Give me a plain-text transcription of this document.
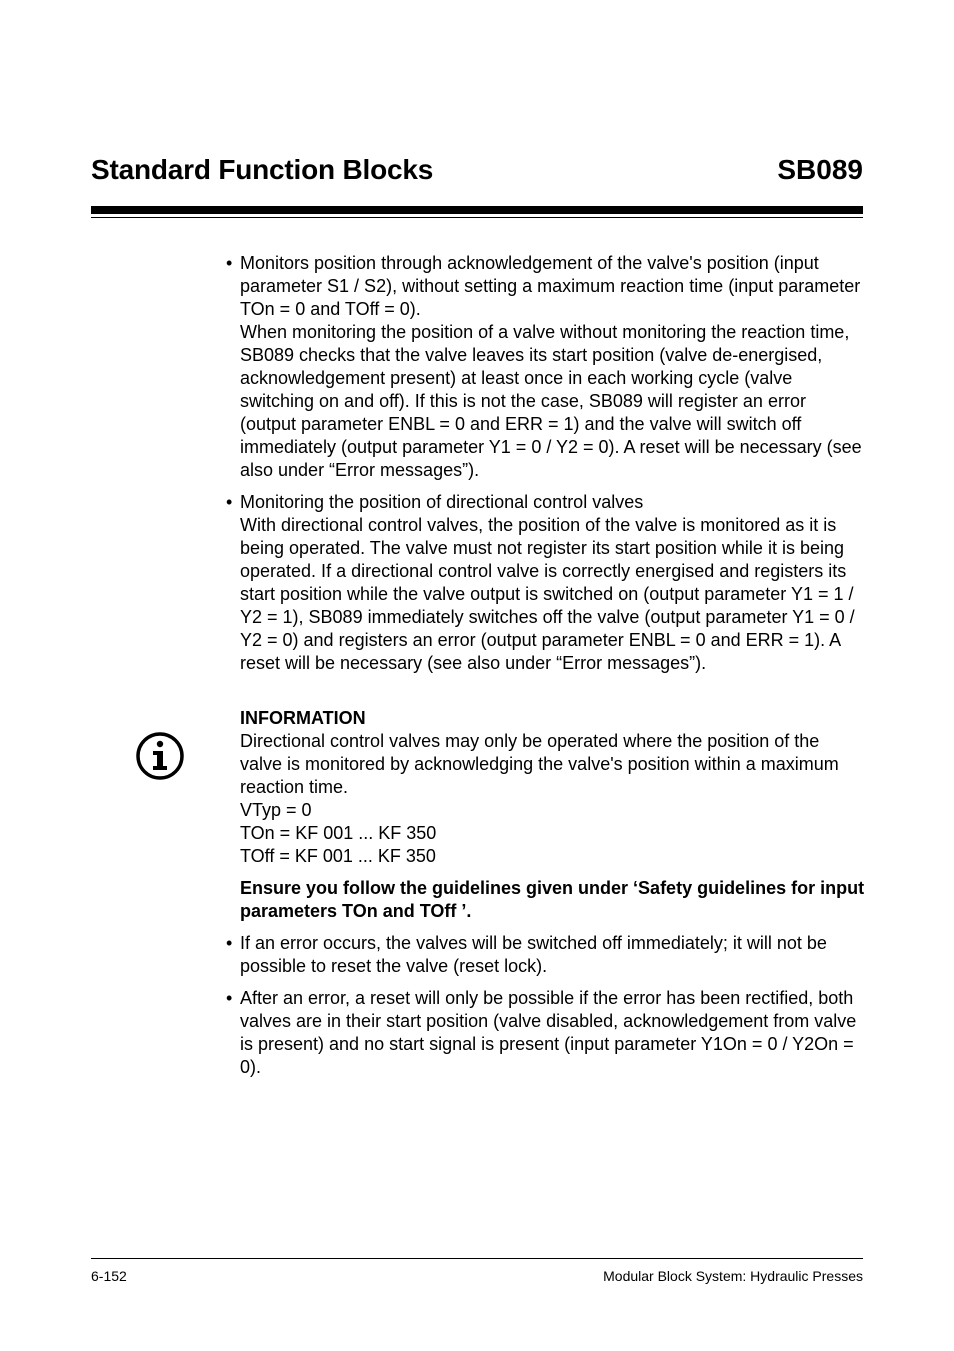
Standard Function Blocks	SB089
• Monitors position through acknowledgement of the valve's position (input parameter S1 / S2), without setting a maximum reaction time (input parameter TOn = 0 and TOff = 0).
When monitoring the position of a valve without monitoring the reaction time, SB089 checks that the valve leaves its start position (valve de-energised, acknowledgement present) at least once in each working cycle (valve switching on and off). If this is not the case, SB089 will register an error (output parameter ENBL = 0 and ERR = 1) and the valve will switch off immediately (output parameter Y1 = 0 / Y2 = 0). A reset will be necessary (see also under “Error messages”).
• Monitoring the position of directional control valves
With directional control valves, the position of the valve is monitored as it is being operated. The valve must not register its start position while it is being operated. If a directional control valve is correctly energised and registers its start position while the valve output is switched on (output parameter Y1 = 1 / Y2 = 1), SB089 immediately switches off the valve (output parameter Y1 = 0 / Y2 = 0) and registers an error (output parameter ENBL = 0 and ERR = 1). A reset will be necessary (see also under “Error messages”).
INFORMATION
Directional control valves may only be operated where the position of the valve is monitored by acknowledging the valve's position within a maximum reaction time.
VTyp = 0
TOn = KF 001 ... KF 350
TOff = KF 001 ... KF 350
Ensure you follow the guidelines given under ‘Safety guidelines for input parameters TOn and TOff ’.
• If an error occurs, the valves will be switched off immediately; it will not be possible to reset the valve (reset lock).
• After an error, a reset will only be possible if the error has been rectified, both valves are in their start position (valve disabled, acknowledgement from valve is present) and no start signal is present (input parameter Y1On = 0 / Y2On = 0).
6-152	Modular Block System: Hydraulic Presses
